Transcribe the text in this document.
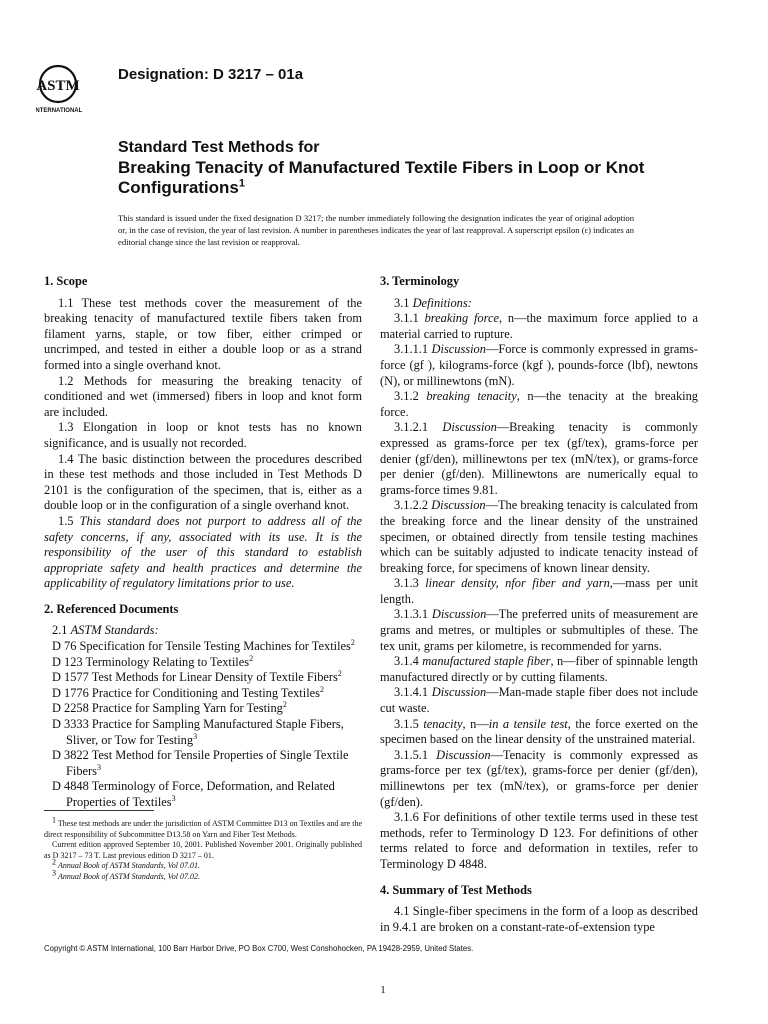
ASTM
INTERNATIONAL
Designation: D 3217 – 01a
Standard Test Methods for
Breaking Tenacity of Manufactured Textile Fibers in Loop or Knot Configurations$^1$
This standard is issued under the fixed designation D 3217; the number immediately following the designation indicates the year of original adoption or, in the case of revision, the year of last revision. A number in parentheses indicates the year of last reapproval. A superscript epsilon (ε) indicates an editorial change since the last revision or reapproval.
1. Scope

1.1 These test methods cover the measurement of the breaking tenacity of manufactured textile fibers taken from filament yarns, staple, or tow fiber, either crimped or uncrimped, and tested in either a double loop or as a strand formed into a single overhand knot.

1.2 Methods for measuring the breaking tenacity of conditioned and wet (immersed) fibers in loop and knot form are included.

1.3 Elongation in loop or knot tests has no known significance, and is usually not recorded.

1.4 The basic distinction between the procedures described in these test methods and those included in Test Methods D 2101 is the configuration of the specimen, that is, either as a double loop or in the configuration of a single overhand knot.

1.5 This standard does not purport to address all of the safety concerns, if any, associated with its use. It is the responsibility of the user of this standard to establish appropriate safety and health practices and determine the applicability of regulatory limitations prior to use.

2. Referenced Documents

2.1 ASTM Standards:

D 76 Specification for Tensile Testing Machines for Textiles$^2$

D 123 Terminology Relating to Textiles$^2$

D 1577 Test Methods for Linear Density of Textile Fibers$^2$

D 1776 Practice for Conditioning and Testing Textiles$^2$

D 2258 Practice for Sampling Yarn for Testing$^2$

D 3333 Practice for Sampling Manufactured Staple Fibers, Sliver, or Tow for Testing$^3$

D 3822 Test Method for Tensile Properties of Single Textile Fibers$^3$

D 4848 Terminology of Force, Deformation, and Related Properties of Textiles$^3$

$^1$ These test methods are under the jurisdiction of ASTM Committee D13 on Textiles and are the direct responsibility of Subcommittee D13.58 on Yarn and Fiber Test Methods.

Current edition approved September 10, 2001. Published November 2001. Originally published as D 3217 – 73 T. Last previous edition D 3217 – 01.

$^2$ Annual Book of ASTM Standards, Vol 07.01.

$^3$ Annual Book of ASTM Standards, Vol 07.02.

3. Terminology

3.1 Definitions:

3.1.1 breaking force, n—the maximum force applied to a material carried to rupture.

3.1.1.1 Discussion—Force is commonly expressed in grams-force (gf ), kilograms-force (kgf ), pounds-force (lbf), newtons (N), or millinewtons (mN).

3.1.2 breaking tenacity, n—the tenacity at the breaking force.

3.1.2.1 Discussion—Breaking tenacity is commonly expressed as grams-force per tex (gf/tex), grams-force per denier (gf/den), millinewtons per tex (mN/tex), or grams-force per denier (gf/den). Millinewtons are numerically equal to grams-force times 9.81.

3.1.2.2 Discussion—The breaking tenacity is calculated from the breaking force and the linear density of the unstrained specimen, or obtained directly from tensile testing machines which can be suitably adjusted to indicate tenacity instead of breaking force, for specimens of known linear density.

3.1.3 linear density, nfor fiber and yarn,—mass per unit length.

3.1.3.1 Discussion—The preferred units of measurement are grams and metres, or multiples or submultiples of these. The tex unit, grams per kilometre, is recommended for yarns.

3.1.4 manufactured staple fiber, n—fiber of spinnable length manufactured directly or by cutting filaments.

3.1.4.1 Discussion—Man-made staple fiber does not include cut waste.

3.1.5 tenacity, n—in a tensile test, the force exerted on the specimen based on the linear density of the unstrained material.

3.1.5.1 Discussion—Tenacity is commonly expressed as grams-force per tex (gf/tex), grams-force per denier (gf/den), millinewtons per tex (mN/tex), or grams-force per denier (gf/den).

3.1.6 For definitions of other textile terms used in these test methods, refer to Terminology D 123. For definitions of other terms related to force and deformation in textiles, refer to Terminology D 4848.

4. Summary of Test Methods

4.1 Single-fiber specimens in the form of a loop as described in 9.4.1 are broken on a constant-rate-of-extension type

Copyright © ASTM International, 100 Barr Harbor Drive, PO Box C700, West Conshohocken, PA 19428-2959, United States.
1
